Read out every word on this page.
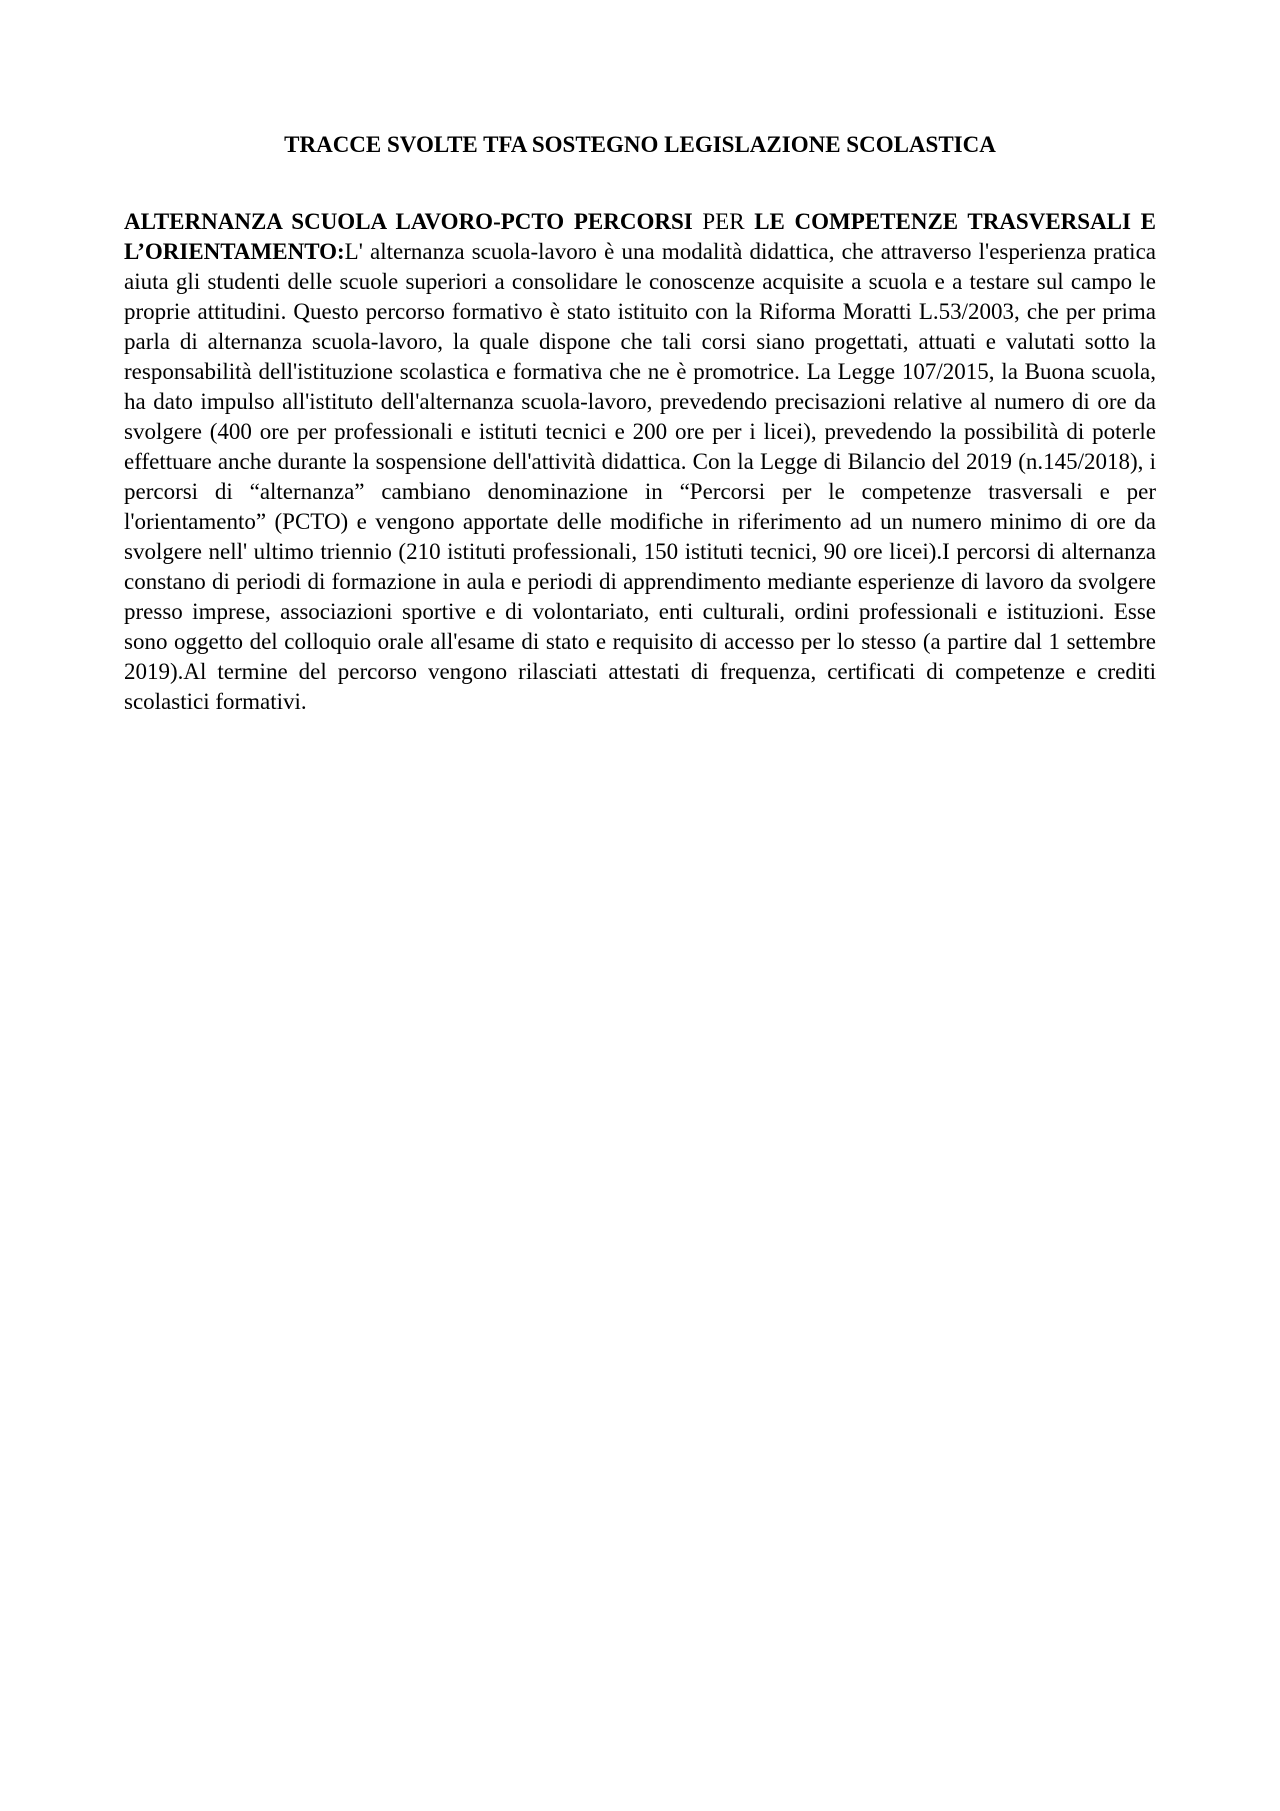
TRACCE SVOLTE TFA SOSTEGNO LEGISLAZIONE SCOLASTICA

ALTERNANZA SCUOLA LAVORO-PCTO PERCORSI PER LE COMPETENZE TRASVERSALI E L’ORIENTAMENTO:L' alternanza scuola-lavoro è una modalità didattica, che attraverso l'esperienza pratica aiuta gli studenti delle scuole superiori a consolidare le conoscenze acquisite a scuola e a testare sul campo le proprie attitudini. Questo percorso formativo è stato istituito con la Riforma Moratti L.53/2003, che per prima parla di alternanza scuola-lavoro, la quale dispone che tali corsi siano progettati, attuati e valutati sotto la responsabilità dell'istituzione scolastica e formativa che ne è promotrice. La Legge 107/2015, la Buona scuola, ha dato impulso all'istituto dell'alternanza scuola-lavoro, prevedendo precisazioni relative al numero di ore da svolgere (400 ore per professionali e istituti tecnici e 200 ore per i licei), prevedendo la possibilità di poterle effettuare anche durante la sospensione dell'attività didattica. Con la Legge di Bilancio del 2019 (n.145/2018), i percorsi di “alternanza” cambiano denominazione in “Percorsi per le competenze trasversali e per l'orientamento” (PCTO) e vengono apportate delle modifiche in riferimento ad un numero minimo di ore da svolgere nell' ultimo triennio (210 istituti professionali, 150 istituti tecnici, 90 ore licei).I percorsi di alternanza constano di periodi di formazione in aula e periodi di apprendimento mediante esperienze di lavoro da svolgere presso imprese, associazioni sportive e di volontariato, enti culturali, ordini professionali e istituzioni. Esse sono oggetto del colloquio orale all'esame di stato e requisito di accesso per lo stesso (a partire dal 1 settembre 2019).Al termine del percorso vengono rilasciati attestati di frequenza, certificati di competenze e crediti scolastici formativi.
